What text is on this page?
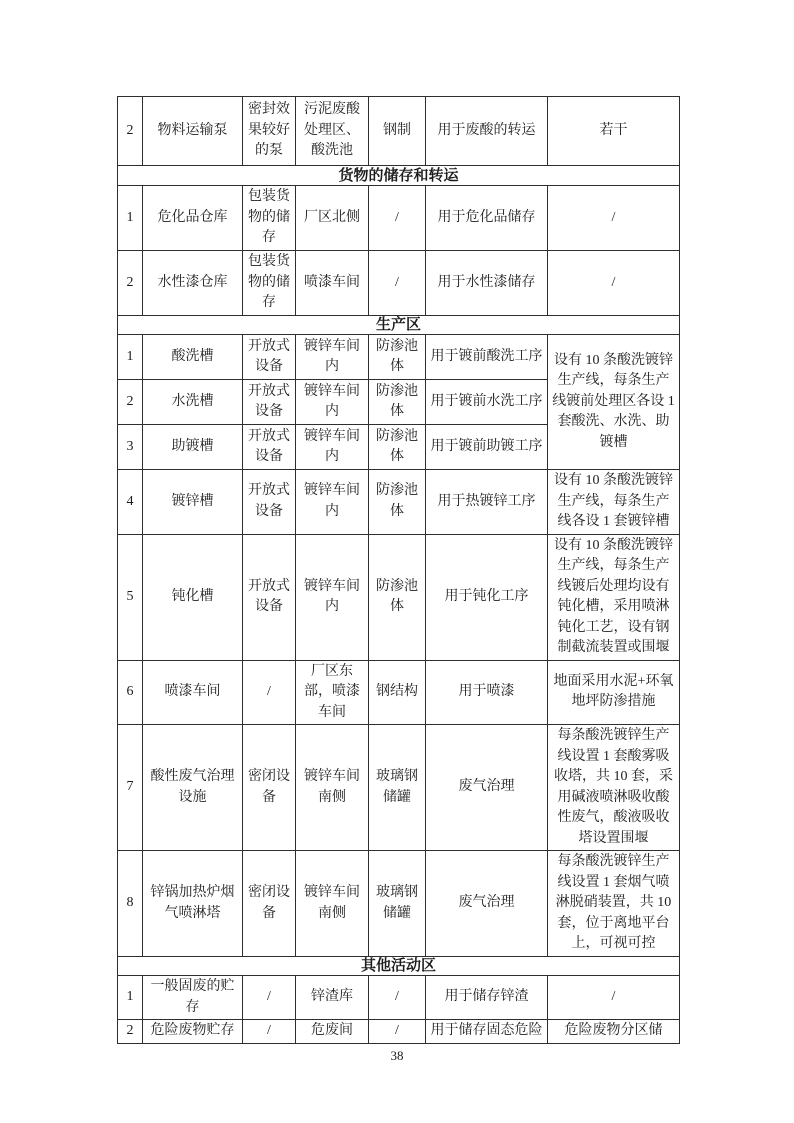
2	物料运输泵	密封效果较好的泵	污泥废酸处理区、酸洗池	钢制	用于废酸的转运	若干
货物的储存和转运						
1	危化品仓库	包装货物的储存	厂区北侧	/	用于危化品储存	/
2	水性漆仓库	包装货物的储存	喷漆车间	/	用于水性漆储存	/
生产区						
1	酸洗槽	开放式设备	镀锌车间内	防渗池体	用于镀前酸洗工序	设有 10 条酸洗镀锌生产线，每条生产线镀前处理区各设 1 套酸洗、水洗、助镀槽
2	水洗槽	开放式设备	镀锌车间内	防渗池体	用于镀前水洗工序	
3	助镀槽	开放式设备	镀锌车间内	防渗池体	用于镀前助镀工序	
4	镀锌槽	开放式设备	镀锌车间内	防渗池体	用于热镀锌工序	设有 10 条酸洗镀锌生产线，每条生产线各设 1 套镀锌槽
5	钝化槽	开放式设备	镀锌车间内	防渗池体	用于钝化工序	设有 10 条酸洗镀锌生产线，每条生产线镀后处理均设有钝化槽，采用喷淋钝化工艺，设有钢制截流装置或围堰
6	喷漆车间	/	厂区东部，喷漆车间	钢结构	用于喷漆	地面采用水泥+环氧地坪防渗措施
7	酸性废气治理设施	密闭设备	镀锌车间南侧	玻璃钢储罐	废气治理	每条酸洗镀锌生产线设置 1 套酸雾吸收塔，共 10 套，采用碱液喷淋吸收酸性废气，酸液吸收塔设置围堰
8	锌锅加热炉烟气喷淋塔	密闭设备	镀锌车间南侧	玻璃钢储罐	废气治理	每条酸洗镀锌生产线设置 1 套烟气喷淋脱硝装置，共 10 套，位于离地平台上，可视可控
其他活动区						
1	一般固废的贮存	/	锌渣库	/	用于储存锌渣	/
2	危险废物贮存	/	危废间	/	用于储存固态危险	危险废物分区储
38
